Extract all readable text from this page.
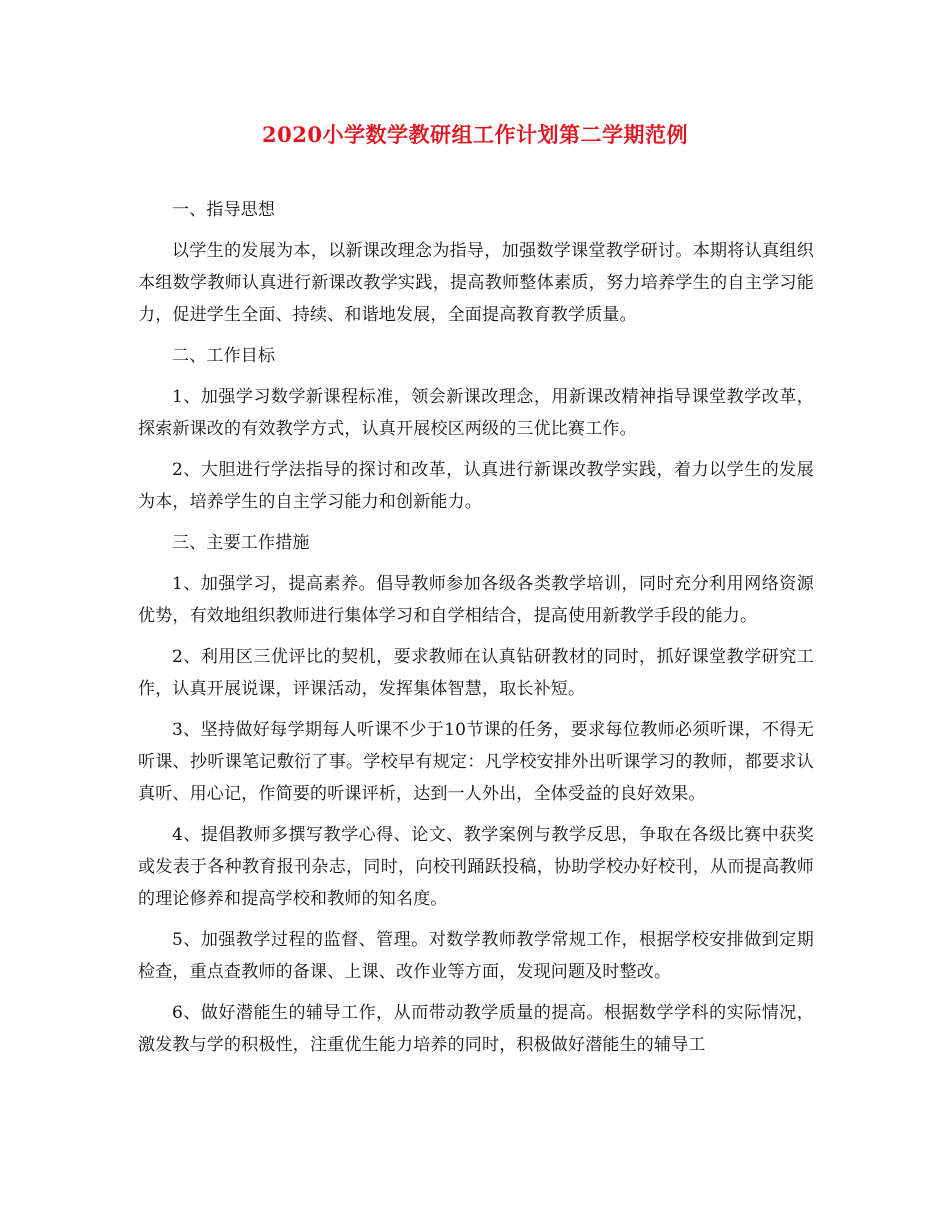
2020小学数学教研组工作计划第二学期范例

一、指导思想

以学生的发展为本，以新课改理念为指导，加强数学课堂教学研讨。本期将认真组织本组数学教师认真进行新课改教学实践，提高教师整体素质，努力培养学生的自主学习能力，促进学生全面、持续、和谐地发展，全面提高教育教学质量。

二、工作目标

1、加强学习数学新课程标准，领会新课改理念，用新课改精神指导课堂教学改革，探索新课改的有效教学方式，认真开展校区两级的三优比赛工作。

2、大胆进行学法指导的探讨和改革，认真进行新课改教学实践，着力以学生的发展为本，培养学生的自主学习能力和创新能力。

三、主要工作措施

1、加强学习，提高素养。倡导教师参加各级各类教学培训，同时充分利用网络资源优势，有效地组织教师进行集体学习和自学相结合，提高使用新教学手段的能力。

2、利用区三优评比的契机，要求教师在认真钻研教材的同时，抓好课堂教学研究工作，认真开展说课，评课活动，发挥集体智慧，取长补短。

3、坚持做好每学期每人听课不少于10节课的任务，要求每位教师必须听课，不得无听课、抄听课笔记敷衍了事。学校早有规定：凡学校安排外出听课学习的教师，都要求认真听、用心记，作简要的听课评析，达到一人外出，全体受益的良好效果。

4、提倡教师多撰写教学心得、论文、教学案例与教学反思，争取在各级比赛中获奖或发表于各种教育报刊杂志，同时，向校刊踊跃投稿，协助学校办好校刊，从而提高教师的理论修养和提高学校和教师的知名度。

5、加强教学过程的监督、管理。对数学教师教学常规工作，根据学校安排做到定期检查，重点查教师的备课、上课、改作业等方面，发现问题及时整改。

6、做好潜能生的辅导工作，从而带动教学质量的提高。根据数学学科的实际情况，激发教与学的积极性，注重优生能力培养的同时，积极做好潜能生的辅导工
